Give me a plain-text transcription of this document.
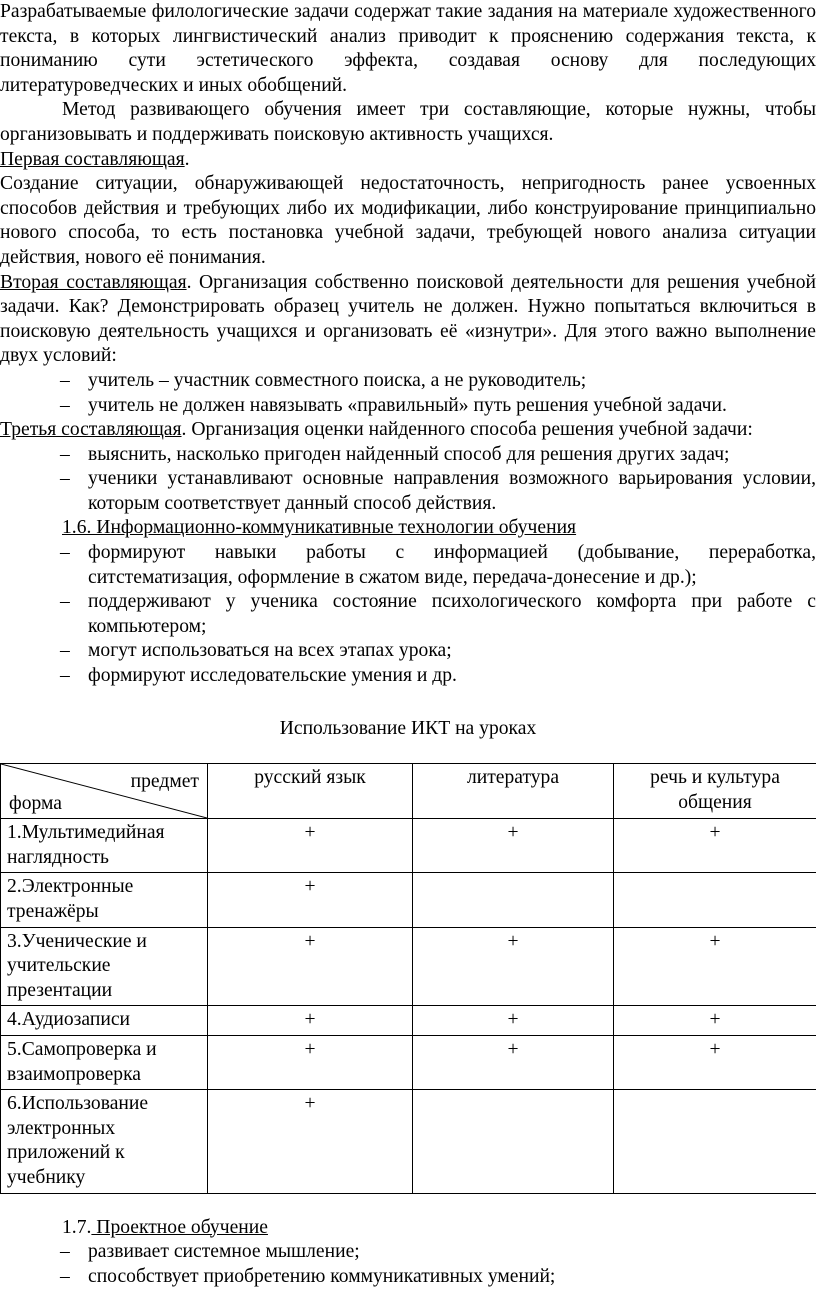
Разрабатываемые филологические задачи содержат такие задания на материале художественного текста, в которых лингвистический анализ приводит к прояснению содержания текста, к пониманию сути эстетического эффекта, создавая основу для последующих литературоведческих и иных обобщений.

Метод развивающего обучения имеет три составляющие, которые нужны, чтобы организовывать и поддерживать поисковую активность учащихся.

Первая составляющая.

Создание ситуации, обнаруживающей недостаточность, непригодность ранее усвоенных способов действия и требующих либо их модификации, либо конструирование принципиально нового способа, то есть постановка учебной задачи, требующей нового анализа ситуации действия, нового её понимания.

Вторая составляющая. Организация собственно поисковой деятельности для решения учебной задачи. Как? Демонстрировать образец учитель не должен. Нужно попытаться включиться в поисковую деятельность учащихся и организовать её «изнутри». Для этого важно выполнение двух условий:

– учитель – участник совместного поиска, а не руководитель;
– учитель не должен навязывать «правильный» путь решения учебной задачи.

Третья составляющая. Организация оценки найденного способа решения учебной задачи:

– выяснить, насколько пригоден найденный способ для решения других задач;
– ученики устанавливают основные направления возможного варьирования условии, которым соответствует данный способ действия.

1.6. Информационно-коммуникативные технологии обучения

– формируют навыки работы с информацией (добывание, переработка, ситстематизация, оформление в сжатом виде, передача-донесение и др.);
– поддерживают у ученика состояние психологического комфорта при работе с компьютером;
– могут использоваться на всех этапах урока;
– формируют исследовательские умения и др.

Использование ИКТ на уроках

предмет
форма	русский язык	литература	речь и культура общения
1.Мультимедийная наглядность	+	+	+
2.Электронные тренажёры	+		
3.Ученические и учительские презентации	+	+	+
4.Аудиозаписи	+	+	+
5.Самопроверка и взаимопроверка	+	+	+
6.Использование электронных приложений к учебнику	+		

1.7. Проектное обучение

– развивает системное мышление;
– способствует приобретению коммуникативных умений;
